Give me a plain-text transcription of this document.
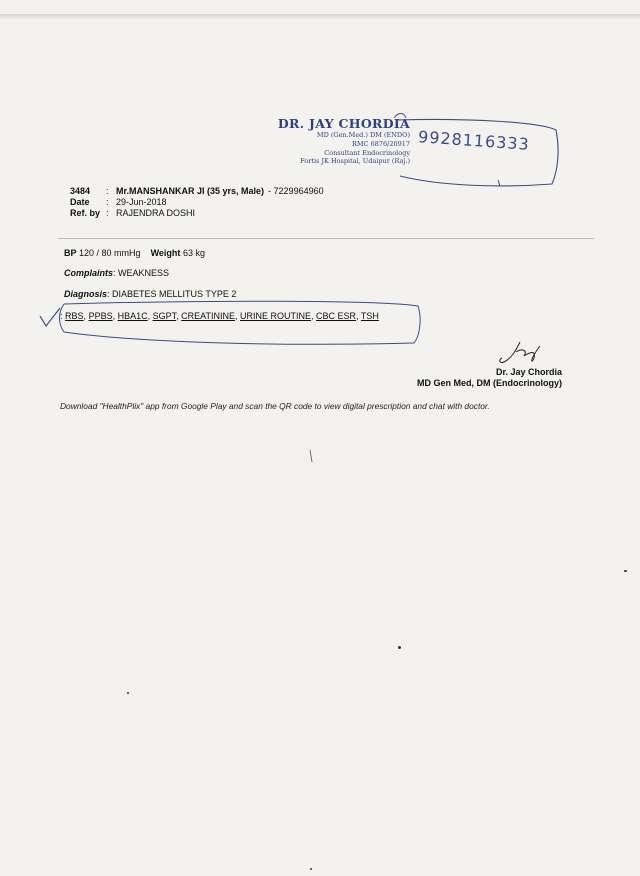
DR. JAY CHORDIA
MD (Gen.Med.) DM (ENDO)
RMC 6876/20917
Consultant Endocrinology
Fortis JK Hospital, Udaipur (Raj.)
9928116333
3484	: Mr.MANSHANKAR JI (35 yrs, Male) - 7229964960
Date	: 29-Jun-2018
Ref. by : RAJENDRA DOSHI
BP 120 / 80 mmHg Weight 63 kg
Complaints: WEAKNESS
Diagnosis: DIABETES MELLITUS TYPE 2
: RBS, PPBS, HBA1C, SGPT, CREATININE, URINE ROUTINE, CBC ESR, TSH
Dr. Jay Chordia
MD Gen Med, DM (Endocrinology)
Download "HealthPlix" app from Google Play and scan the QR code to view digital prescription and chat with doctor.
